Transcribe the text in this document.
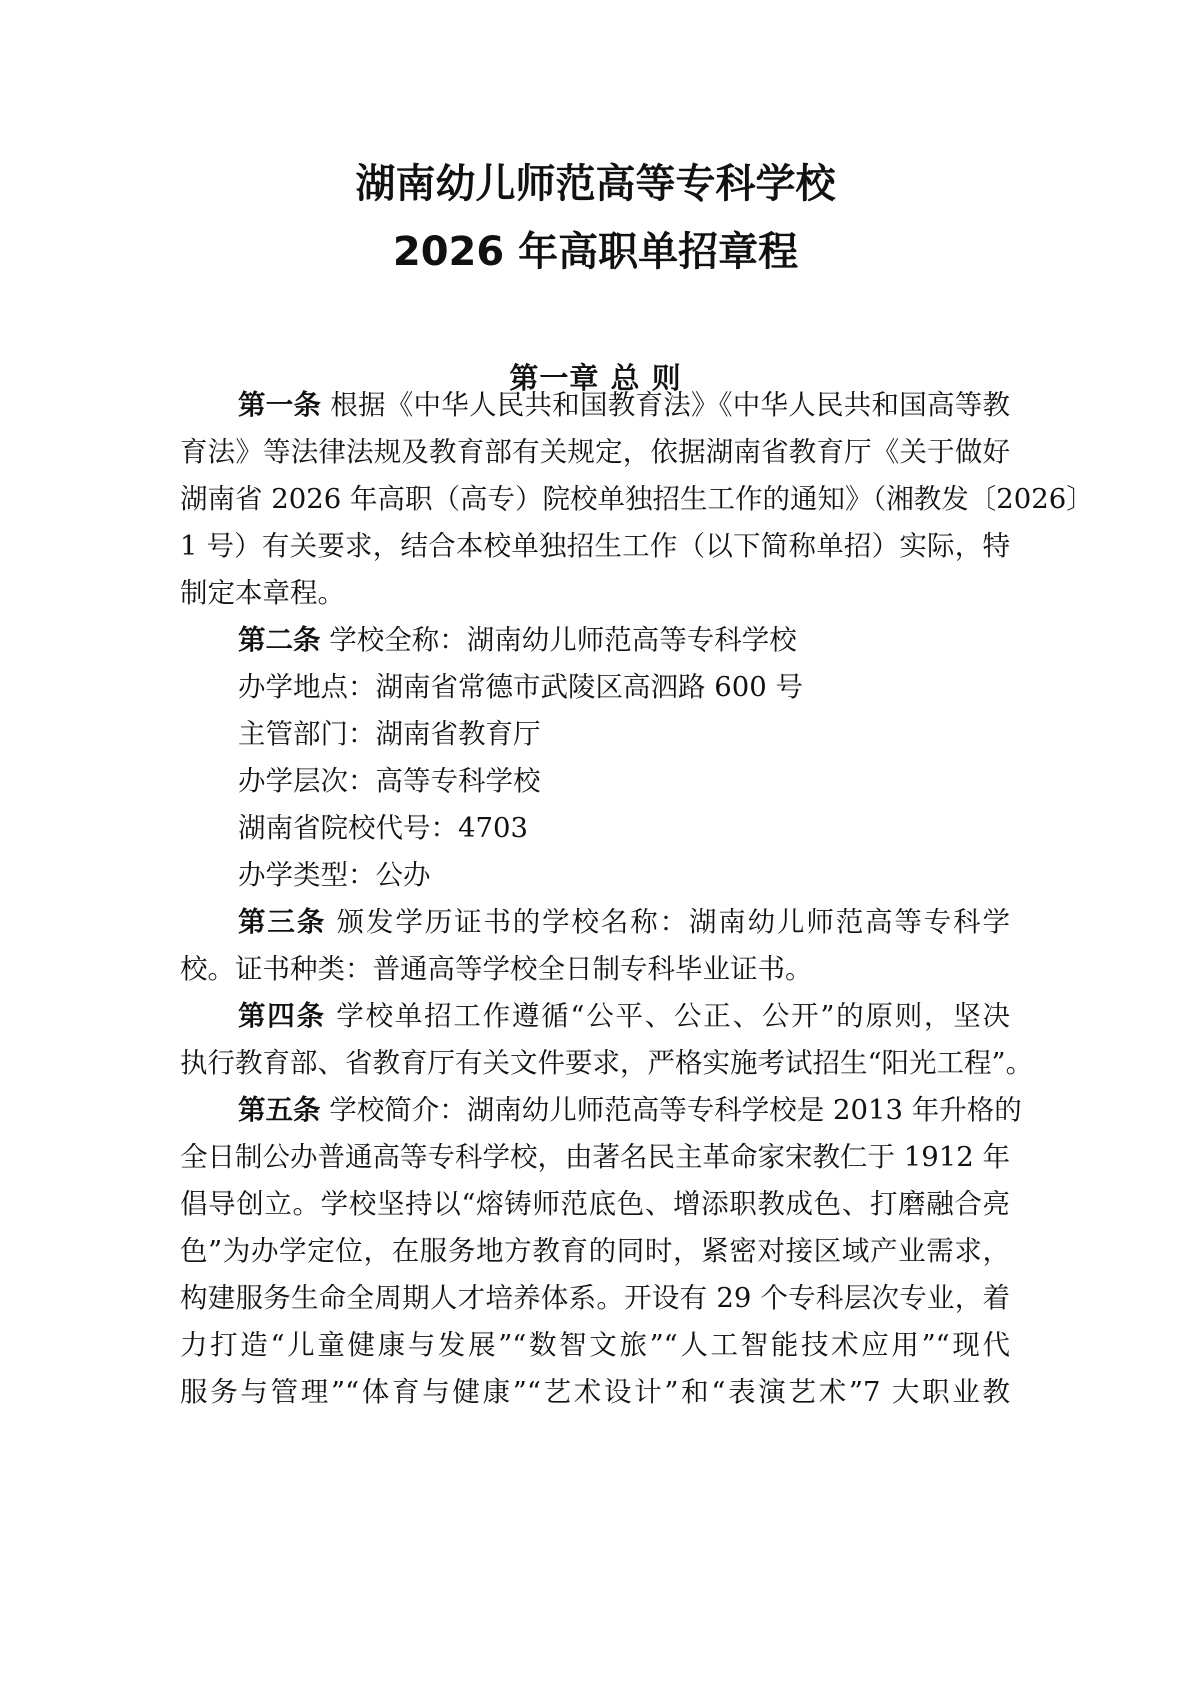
湖南幼儿师范高等专科学校
2026 年高职单招章程
第一章 总 则
第一条 根据《中华人民共和国教育法》《中华人民共和国高等教
育法》等法律法规及教育部有关规定，依据湖南省教育厅《关于做好
湖南省 2026 年高职（高专）院校单独招生工作的通知》（湘教发〔2026〕
1 号）有关要求，结合本校单独招生工作（以下简称单招）实际，特
制定本章程。
第二条 学校全称：湖南幼儿师范高等专科学校
办学地点：湖南省常德市武陵区高泗路 600 号
主管部门：湖南省教育厅
办学层次：高等专科学校
湖南省院校代号：4703
办学类型：公办
第三条 颁发学历证书的学校名称：湖南幼儿师范高等专科学
校。证书种类：普通高等学校全日制专科毕业证书。
第四条 学校单招工作遵循“公平、公正、公开”的原则，坚决
执行教育部、省教育厅有关文件要求，严格实施考试招生“阳光工程”。
第五条 学校简介：湖南幼儿师范高等专科学校是 2013 年升格的
全日制公办普通高等专科学校，由著名民主革命家宋教仁于 1912 年
倡导创立。学校坚持以“熔铸师范底色、增添职教成色、打磨融合亮
色”为办学定位，在服务地方教育的同时，紧密对接区域产业需求，
构建服务生命全周期人才培养体系。开设有 29 个专科层次专业，着
力打造“儿童健康与发展”“数智文旅”“人工智能技术应用”“现代
服务与管理”“体育与健康”“艺术设计”和“表演艺术”7 大职业教
